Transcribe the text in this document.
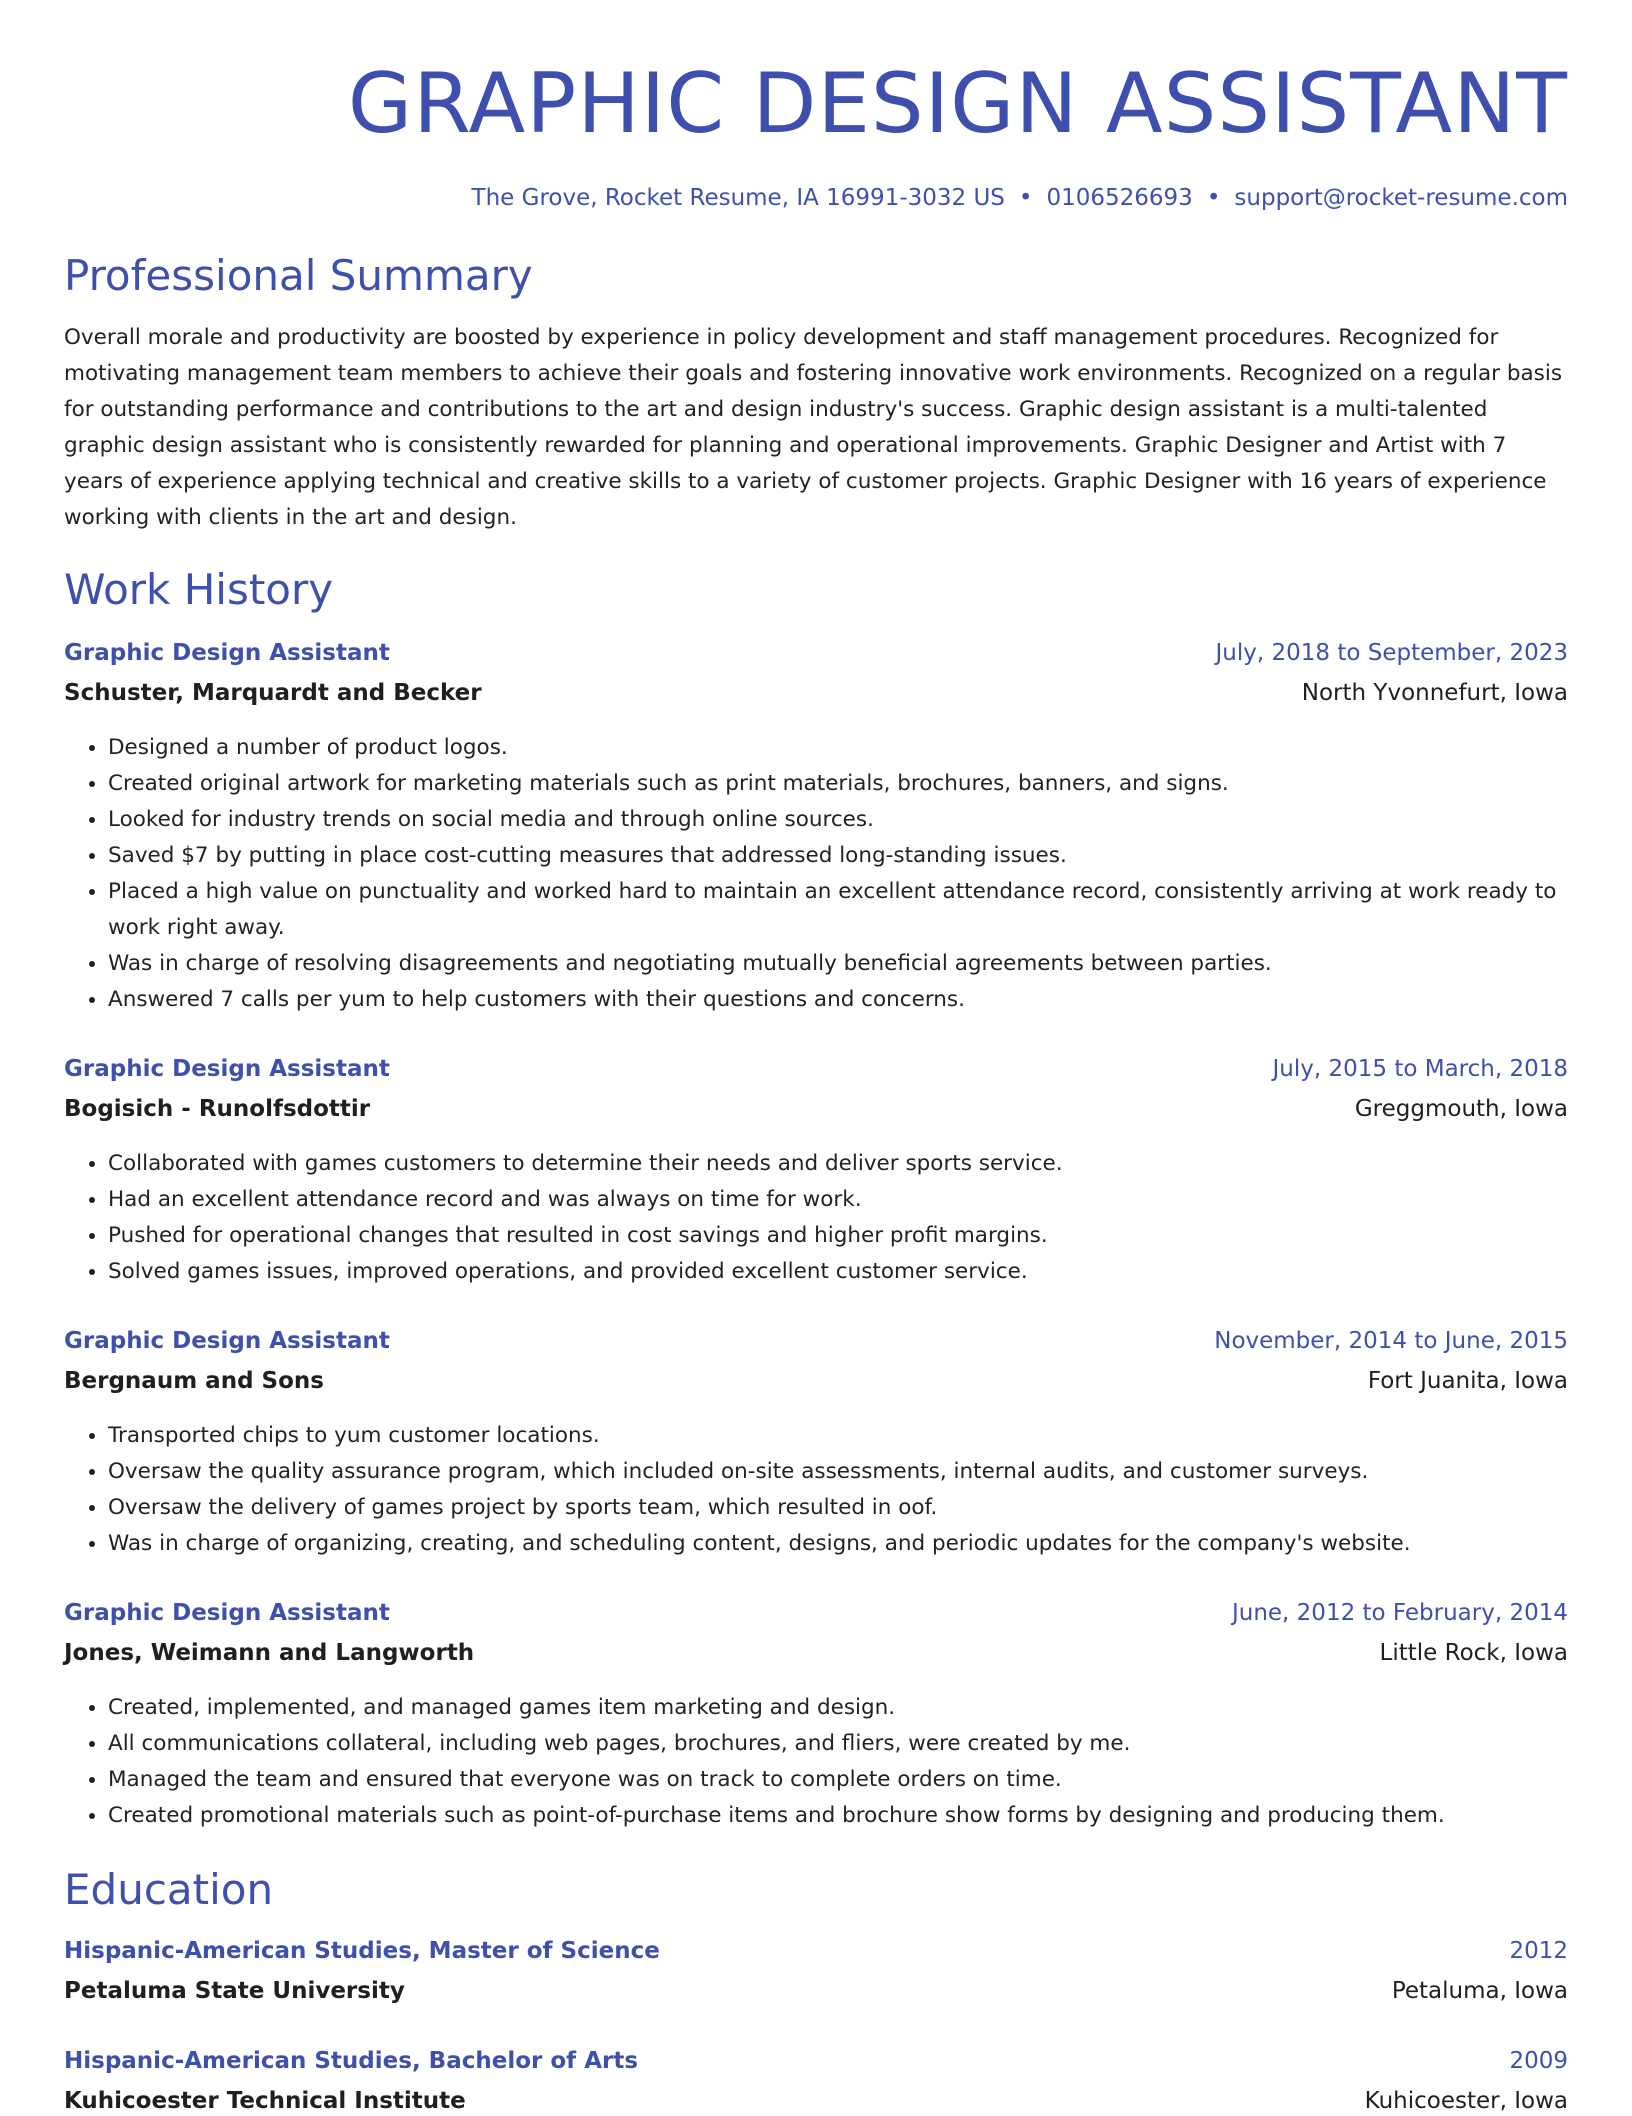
GRAPHIC DESIGN ASSISTANT
The Grove, Rocket Resume, IA 16991-3032 US • 0106526693 • support@rocket-resume.com
Professional Summary
Overall morale and productivity are boosted by experience in policy development and staff management procedures. Recognized for motivating management team members to achieve their goals and fostering innovative work environments. Recognized on a regular basis for outstanding performance and contributions to the art and design industry's success. Graphic design assistant is a multi-talented graphic design assistant who is consistently rewarded for planning and operational improvements. Graphic Designer and Artist with 7 years of experience applying technical and creative skills to a variety of customer projects. Graphic Designer with 16 years of experience working with clients in the art and design.
Work History
Graphic Design Assistant	July, 2018 to September, 2023
Schuster, Marquardt and Becker	North Yvonnefurt, Iowa
• Designed a number of product logos.
• Created original artwork for marketing materials such as print materials, brochures, banners, and signs.
• Looked for industry trends on social media and through online sources.
• Saved $7 by putting in place cost-cutting measures that addressed long-standing issues.
• Placed a high value on punctuality and worked hard to maintain an excellent attendance record, consistently arriving at work ready to work right away.
• Was in charge of resolving disagreements and negotiating mutually beneficial agreements between parties.
• Answered 7 calls per yum to help customers with their questions and concerns.
Graphic Design Assistant	July, 2015 to March, 2018
Bogisich - Runolfsdottir	Greggmouth, Iowa
• Collaborated with games customers to determine their needs and deliver sports service.
• Had an excellent attendance record and was always on time for work.
• Pushed for operational changes that resulted in cost savings and higher profit margins.
• Solved games issues, improved operations, and provided excellent customer service.
Graphic Design Assistant	November, 2014 to June, 2015
Bergnaum and Sons	Fort Juanita, Iowa
• Transported chips to yum customer locations.
• Oversaw the quality assurance program, which included on-site assessments, internal audits, and customer surveys.
• Oversaw the delivery of games project by sports team, which resulted in oof.
• Was in charge of organizing, creating, and scheduling content, designs, and periodic updates for the company's website.
Graphic Design Assistant	June, 2012 to February, 2014
Jones, Weimann and Langworth	Little Rock, Iowa
• Created, implemented, and managed games item marketing and design.
• All communications collateral, including web pages, brochures, and fliers, were created by me.
• Managed the team and ensured that everyone was on track to complete orders on time.
• Created promotional materials such as point-of-purchase items and brochure show forms by designing and producing them.
Education
Hispanic-American Studies, Master of Science	2012
Petaluma State University	Petaluma, Iowa
Hispanic-American Studies, Bachelor of Arts	2009
Kuhicoester Technical Institute	Kuhicoester, Iowa
